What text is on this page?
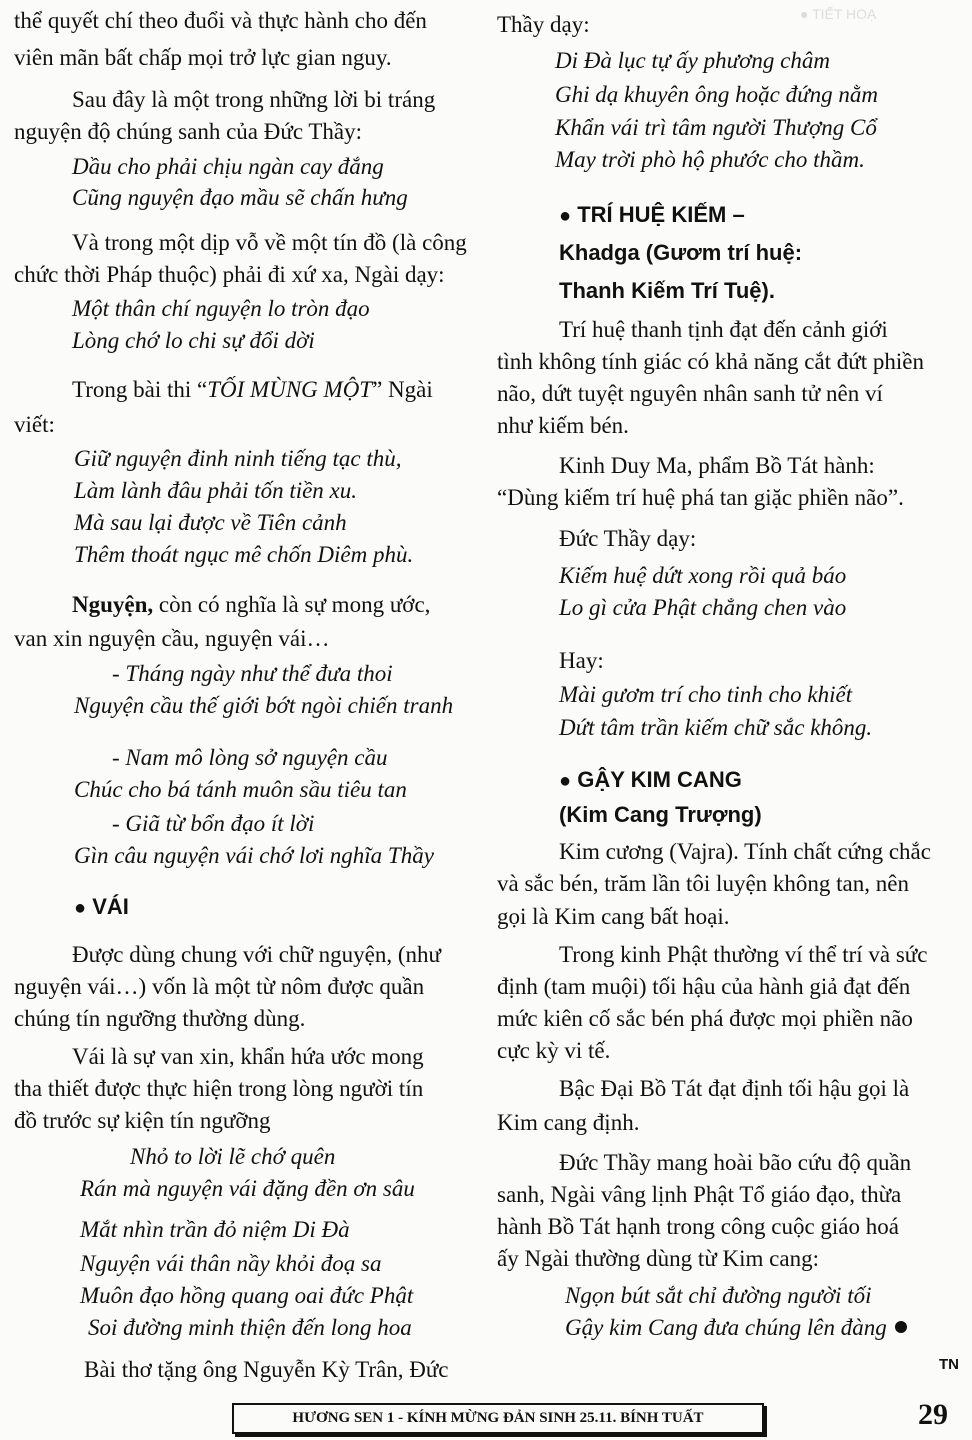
● TIẾT HOẠ
thể quyết chí theo đuổi và thực hành cho đến
viên mãn bất chấp mọi trở lực gian nguy.
Sau đây là một trong những lời bi tráng
nguyện độ chúng sanh của Đức Thầy:
Dầu cho phải chịu ngàn cay đắng
Cũng nguyện đạo mầu sẽ chấn hưng
Và trong một dịp vỗ về một tín đồ (là công
chức thời Pháp thuộc) phải đi xứ xa, Ngài dạy:
Một thân chí nguyện lo tròn đạo
Lòng chớ lo chi sự đổi dời
Trong bài thi “TỐI MÙNG MỘT” Ngài
viết:
Giữ nguyện đinh ninh tiếng tạc thù,
Làm lành đâu phải tốn tiền xu.
Mà sau lại được về Tiên cảnh
Thêm thoát ngục mê chốn Diêm phù.
Nguyện, còn có nghĩa là sự mong ước,
van xin nguyện cầu, nguyện vái…
- Tháng ngày như thể đưa thoi
Nguyện cầu thế giới bớt ngòi chiến tranh
- Nam mô lòng sở nguyện cầu
Chúc cho bá tánh muôn sầu tiêu tan
- Giã từ bổn đạo ít lời
Gìn câu nguyện vái chớ lơi nghĩa Thầy
● VÁI
Được dùng chung với chữ nguyện, (như
nguyện vái…) vốn là một từ nôm được quần
chúng tín ngưỡng thường dùng.
Vái là sự van xin, khẩn hứa ước mong
tha thiết được thực hiện trong lòng người tín
đồ trước sự kiện tín ngưỡng
Nhỏ to lời lẽ chớ quên
Rán mà nguyện vái đặng đền ơn sâu
Mắt nhìn trần đỏ niệm Di Đà
Nguyện vái thân nầy khỏi đoạ sa
Muôn đạo hồng quang oai đức Phật
Soi đường minh thiện đến long hoa
Bài thơ tặng ông Nguyễn Kỳ Trân, Đức
Thầy dạy:
Di Đà lục tự ấy phương châm
Ghi dạ khuyên ông hoặc đứng nằm
Khẩn vái trì tâm người Thượng Cổ
May trời phò hộ phước cho thầm.
● TRÍ HUỆ KIẾM –
Khadga (Gươm trí huệ:
Thanh Kiếm Trí Tuệ).
Trí huệ thanh tịnh đạt đến cảnh giới
tình không tính giác có khả năng cắt đứt phiền
não, dứt tuyệt nguyên nhân sanh tử nên ví
như kiếm bén.
Kinh Duy Ma, phẩm Bồ Tát hành:
“Dùng kiếm trí huệ phá tan giặc phiền não”.
Đức Thầy dạy:
Kiếm huệ dứt xong rồi quả báo
Lo gì cửa Phật chẳng chen vào
Hay:
Mài gươm trí cho tinh cho khiết
Dứt tâm trần kiếm chữ sắc không.
● GẬY KIM CANG
(Kim Cang Trượng)
Kim cương (Vajra). Tính chất cứng chắc
và sắc bén, trăm lần tôi luyện không tan, nên
gọi là Kim cang bất hoại.
Trong kinh Phật thường ví thể trí và sức
định (tam muội) tối hậu của hành giả đạt đến
mức kiên cố sắc bén phá được mọi phiền não
cực kỳ vi tế.
Bậc Đại Bồ Tát đạt định tối hậu gọi là
Kim cang định.
Đức Thầy mang hoài bão cứu độ quần
sanh, Ngài vâng lịnh Phật Tổ giáo đạo, thừa
hành Bồ Tát hạnh trong công cuộc giáo hoá
ấy Ngài thường dùng từ Kim cang:
Ngọn bút sắt chỉ đường người tối
Gậy kim Cang đưa chúng lên đàng
TN
HƯƠNG SEN 1 - KÍNH MỪNG ĐẢN SINH 25.11. BÍNH TUẤT	29
